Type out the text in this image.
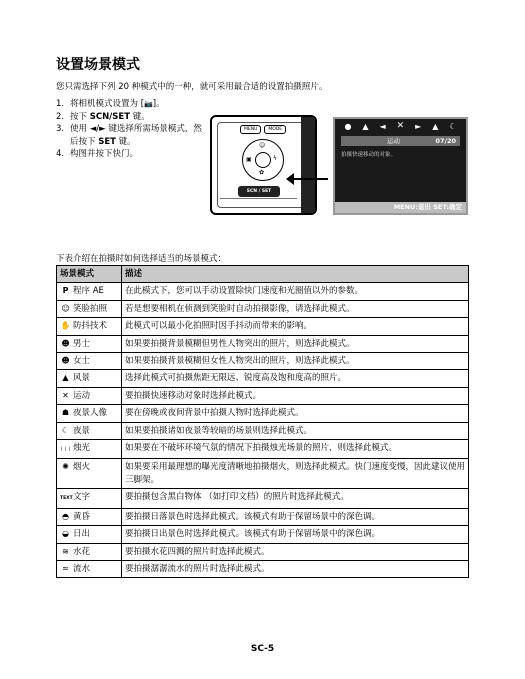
设置场景模式
您只需选择下列 20 种模式中的一种，就可采用最合适的设置拍摄照片。
1. 将相机模式设置为 [📷]。
2. 按下 SCN/SET 键。
3. 使用 ◄/► 键选择所需场景模式，然后按下 SET 键。
4. 构图并按下快门。
MENU	MODE
☺
▣	ϟ
✿
SCN / SET
● ▲ ◄ ✕ ► ▲ ☾
运动	07/20
拍摄快速移动的对象。
MENU:退出 SET:确定
下表介绍在拍摄时如何选择适当的场景模式：
场景模式	描述
P 程序 AE	在此模式下，您可以手动设置除快门速度和光圈值以外的参数。
☺ 笑脸拍照	若是想要相机在侦测到笑脸时自动拍摄影像，请选择此模式。
✋ 防抖技术	此模式可以最小化拍照时因手抖动而带来的影响。
☻ 男士	如果要拍摄背景模糊但男性人物突出的照片，则选择此模式。
☻ 女士	如果要拍摄背景模糊但女性人物突出的照片，则选择此模式。
▲ 风景	选择此模式可拍摄焦距无限远、锐度高及饱和度高的照片。
✕ 运动	要拍摄快速移动对象时选择此模式。
☗ 夜景人像	要在傍晚或夜间背景中拍摄人物时选择此模式。
☾ 夜景	如果要拍摄诸如夜景等较暗的场景则选择此模式。
❘❘❘ 烛光	如果要在不破坏环境气氛的情况下拍摄烛光场景的照片，则选择此模式。
✺ 烟火	如果要采用最理想的曝光度清晰地拍摄烟火，则选择此模式。快门速度变慢，因此建议使用三脚架。
TEXT文字	要拍摄包含黑白物体 （如打印文档）的照片时选择此模式。
◓ 黄昏	要拍摄日落景色时选择此模式。该模式有助于保留场景中的深色调。
◒ 日出	要拍摄日出景色时选择此模式。该模式有助于保留场景中的深色调。
≋ 水花	要拍摄水花四溅的照片时选择此模式。
≈ 流水	要拍摄潺潺流水的照片时选择此模式。
SC-5
